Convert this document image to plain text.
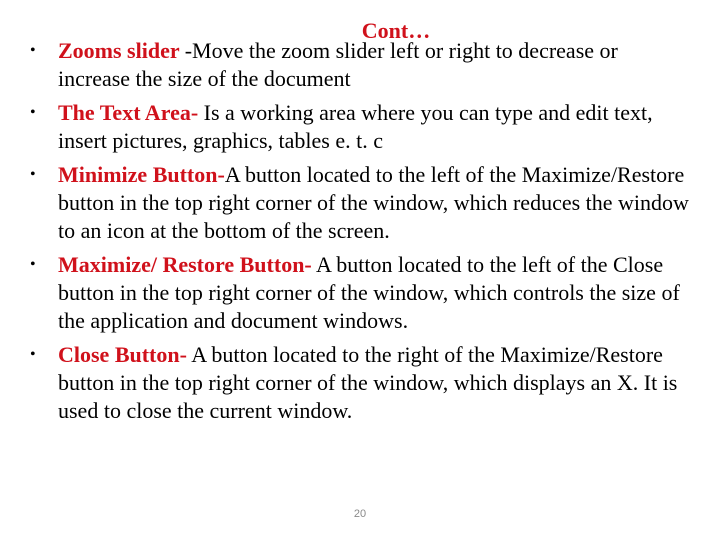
Cont…
• Zooms slider -Move the zoom slider left or right to decrease or increase the size of the document
• The Text Area- Is a working area where you can type and edit text, insert pictures, graphics, tables e. t. c
• Minimize Button-A button located to the left of the Maximize/Restore button in the top right corner of the window, which reduces the window to an icon at the bottom of the screen.
• Maximize/ Restore Button- A button located to the left of the Close button in the top right corner of the window, which controls the size of the application and document windows.
• Close Button- A button located to the right of the Maximize/Restore button in the top right corner of the window, which displays an X. It is used to close the current window.
20
